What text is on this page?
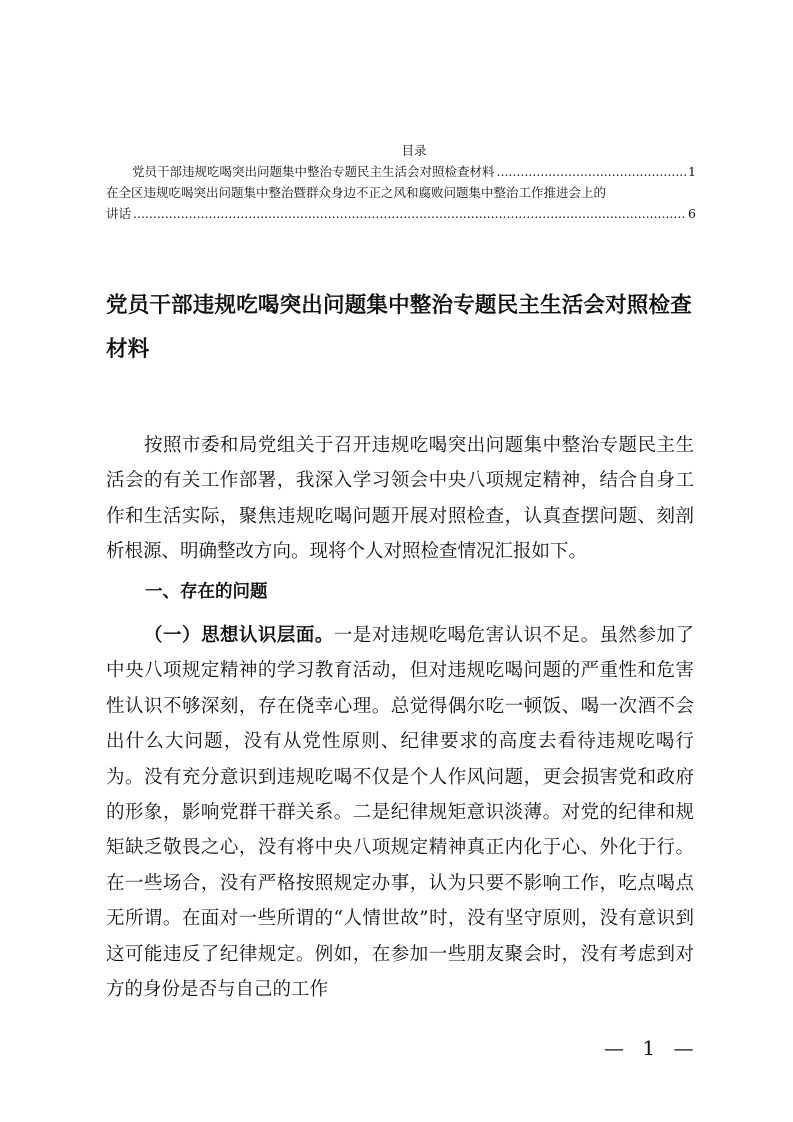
目录
党员干部违规吃喝突出问题集中整治专题民主生活会对照检查材料 .....	1
在全区违规吃喝突出问题集中整治暨群众身边不正之风和腐败问题集中整治工作推进会上的
讲话 .....	6
党员干部违规吃喝突出问题集中整治专题民主生活会对照检查材料

按照市委和局党组关于召开违规吃喝突出问题集中整治专题民主生活会的有关工作部署，我深入学习领会中央八项规定精神，结合自身工作和生活实际，聚焦违规吃喝问题开展对照检查，认真查摆问题、刻剖析根源、明确整改方向。现将个人对照检查情况汇报如下。

一、存在的问题

（一）思想认识层面。一是对违规吃喝危害认识不足。虽然参加了中央八项规定精神的学习教育活动，但对违规吃喝问题的严重性和危害性认识不够深刻，存在侥幸心理。总觉得偶尔吃一顿饭、喝一次酒不会出什么大问题，没有从党性原则、纪律要求的高度去看待违规吃喝行为。没有充分意识到违规吃喝不仅是个人作风问题，更会损害党和政府的形象，影响党群干群关系。二是纪律规矩意识淡薄。对党的纪律和规矩缺乏敬畏之心，没有将中央八项规定精神真正内化于心、外化于行。在一些场合，没有严格按照规定办事，认为只要不影响工作，吃点喝点无所谓。在面对一些所谓的“人情世故”时，没有坚守原则，没有意识到这可能违反了纪律规定。例如，在参加一些朋友聚会时，没有考虑到对方的身份是否与自己的工作

— 1 —
